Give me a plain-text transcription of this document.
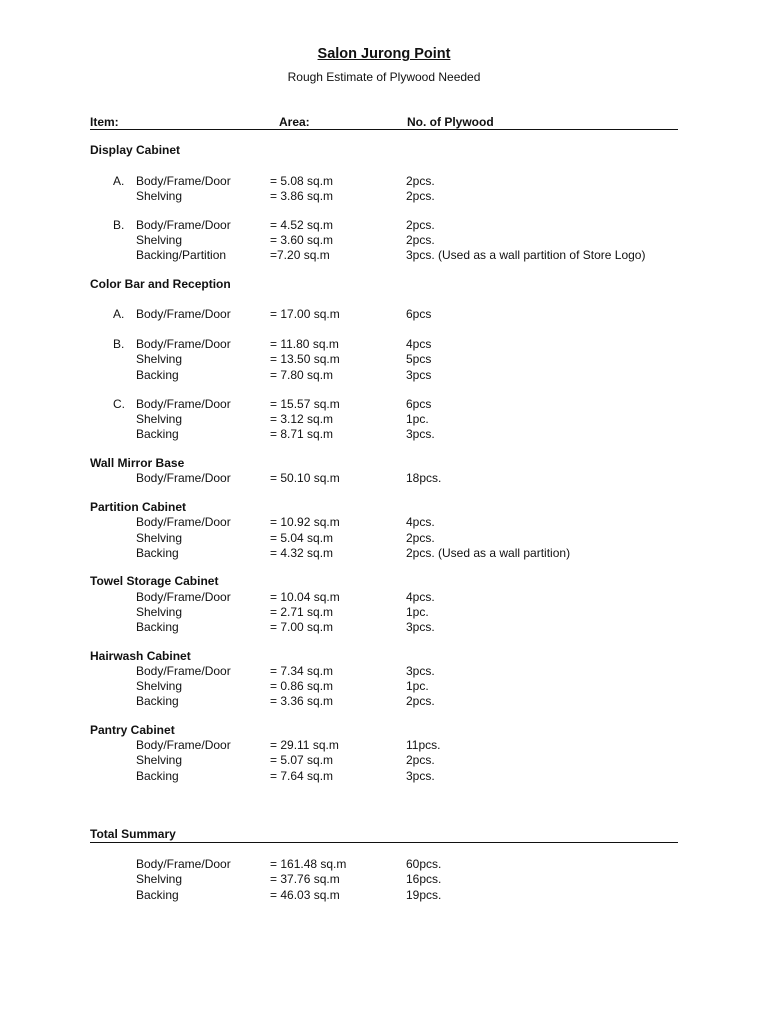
Salon Jurong Point
Rough Estimate of Plywood Needed
Item:	Area:	No. of Plywood
Display Cabinet
A. Body/Frame/Door	= 5.08 sq.m	2pcs.
Shelving	= 3.86 sq.m	2pcs.
B. Body/Frame/Door	= 4.52 sq.m	2pcs.
Shelving	= 3.60 sq.m	2pcs.
Backing/Partition	=7.20 sq.m	3pcs. (Used as a wall partition of Store Logo)
Color Bar and Reception
A. Body/Frame/Door	= 17.00 sq.m	6pcs
B. Body/Frame/Door	= 11.80 sq.m	4pcs
Shelving	= 13.50 sq.m	5pcs
Backing	= 7.80 sq.m	3pcs
C. Body/Frame/Door	= 15.57 sq.m	6pcs
Shelving	= 3.12 sq.m	1pc.
Backing	= 8.71 sq.m	3pcs.
Wall Mirror Base
Body/Frame/Door	= 50.10 sq.m	18pcs.
Partition Cabinet
Body/Frame/Door	= 10.92 sq.m	4pcs.
Shelving	= 5.04 sq.m	2pcs.
Backing	= 4.32 sq.m	2pcs. (Used as a wall partition)
Towel Storage Cabinet
Body/Frame/Door	= 10.04 sq.m	4pcs.
Shelving	= 2.71 sq.m	1pc.
Backing	= 7.00 sq.m	3pcs.
Hairwash Cabinet
Body/Frame/Door	= 7.34 sq.m	3pcs.
Shelving	= 0.86 sq.m	1pc.
Backing	= 3.36 sq.m	2pcs.
Pantry Cabinet
Body/Frame/Door	= 29.11 sq.m	11pcs.
Shelving	= 5.07 sq.m	2pcs.
Backing	= 7.64 sq.m	3pcs.
Total Summary
Body/Frame/Door	= 161.48 sq.m	60pcs.
Shelving	= 37.76 sq.m	16pcs.
Backing	= 46.03 sq.m	19pcs.
